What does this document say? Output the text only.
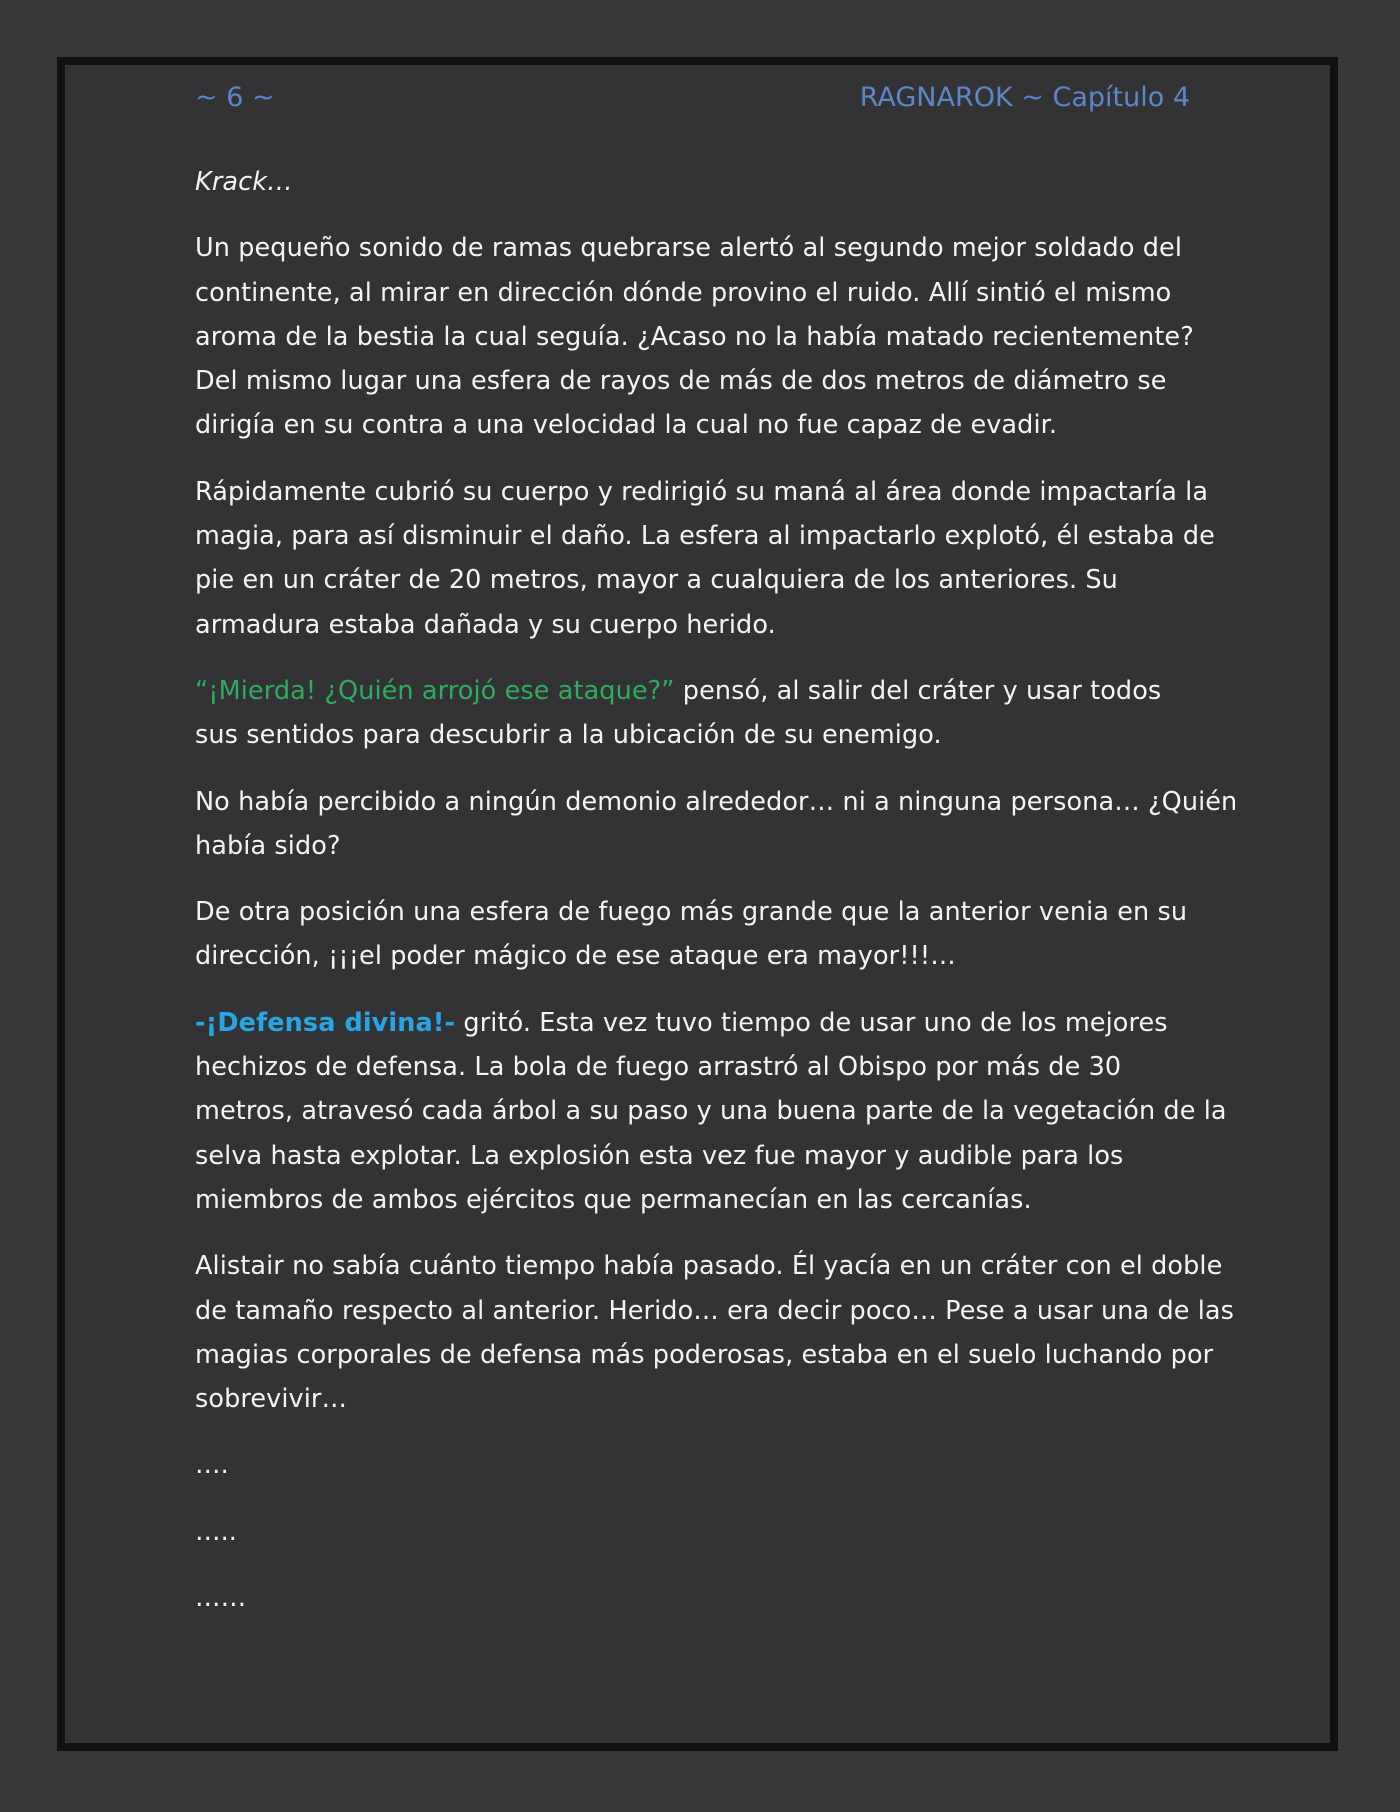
~ 6 ~	RAGNAROK ~ Capítulo 4

Krack…

Un pequeño sonido de ramas quebrarse alertó al segundo mejor soldado del
continente, al mirar en dirección dónde provino el ruido. Allí sintió el mismo
aroma de la bestia la cual seguía. ¿Acaso no la había matado recientemente?
Del mismo lugar una esfera de rayos de más de dos metros de diámetro se
dirigía en su contra a una velocidad la cual no fue capaz de evadir.

Rápidamente cubrió su cuerpo y redirigió su maná al área donde impactaría la
magia, para así disminuir el daño. La esfera al impactarlo explotó, él estaba de
pie en un cráter de 20 metros, mayor a cualquiera de los anteriores. Su
armadura estaba dañada y su cuerpo herido.

“¡Mierda! ¿Quién arrojó ese ataque?” pensó, al salir del cráter y usar todos
sus sentidos para descubrir a la ubicación de su enemigo.

No había percibido a ningún demonio alrededor… ni a ninguna persona… ¿Quién
había sido?

De otra posición una esfera de fuego más grande que la anterior venia en su
dirección, ¡¡¡el poder mágico de ese ataque era mayor!!!…

-¡Defensa divina!- gritó. Esta vez tuvo tiempo de usar uno de los mejores
hechizos de defensa. La bola de fuego arrastró al Obispo por más de 30
metros, atravesó cada árbol a su paso y una buena parte de la vegetación de la
selva hasta explotar. La explosión esta vez fue mayor y audible para los
miembros de ambos ejércitos que permanecían en las cercanías.

Alistair no sabía cuánto tiempo había pasado. Él yacía en un cráter con el doble
de tamaño respecto al anterior. Herido… era decir poco… Pese a usar una de las
magias corporales de defensa más poderosas, estaba en el suelo luchando por
sobrevivir…

….

…..

……
